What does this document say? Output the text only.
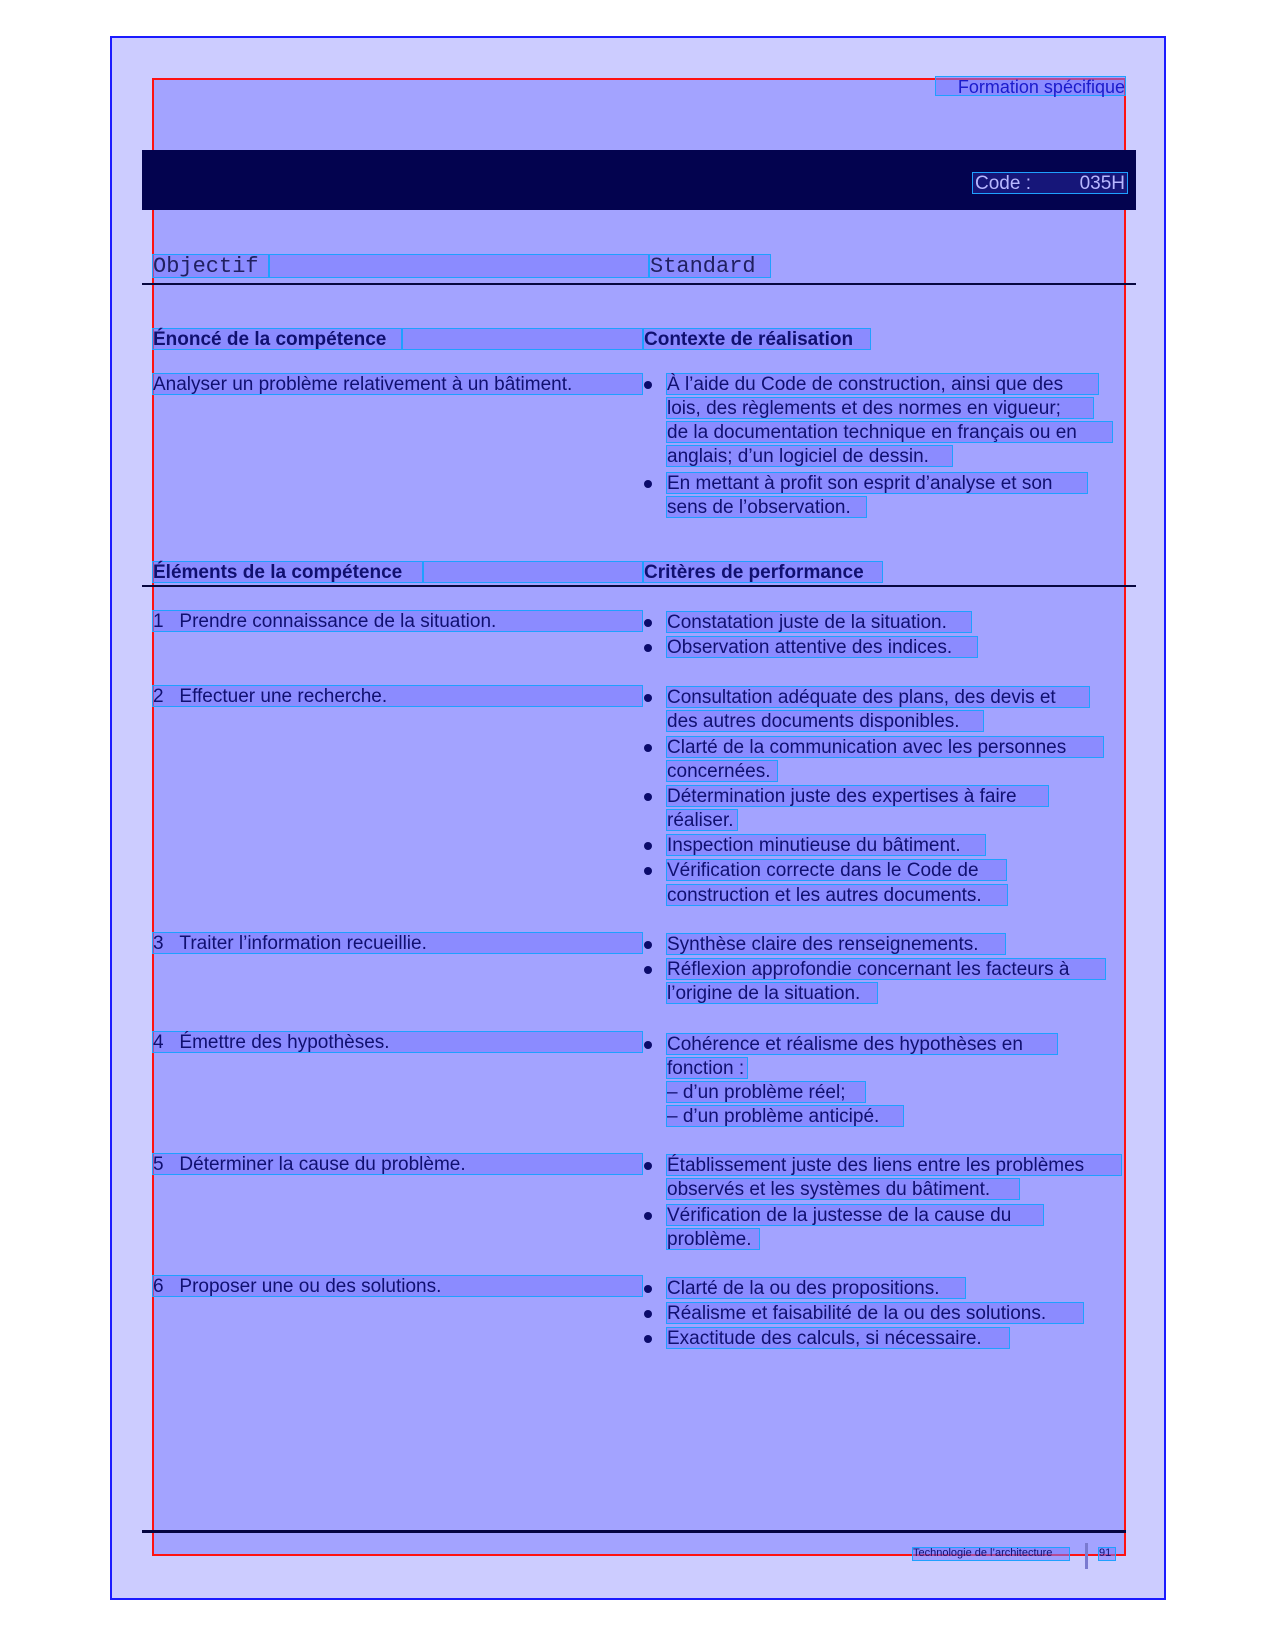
Formation spécifique
Code :	035H
Objectif	Standard
Énoncé de la compétence	Contexte de réalisation
Analyser un problème relativement à un bâtiment.	À l’aide du Code de construction, ainsi que des
lois, des règlements et des normes en vigueur;
de la documentation technique en français ou en
anglais; d’un logiciel de dessin.
En mettant à profit son esprit d’analyse et son
sens de l’observation.
Éléments de la compétence	Critères de performance
1 Prendre connaissance de la situation.	Constatation juste de la situation.
Observation attentive des indices.
2 Effectuer une recherche.	Consultation adéquate des plans, des devis et
des autres documents disponibles.
Clarté de la communication avec les personnes
concernées.
Détermination juste des expertises à faire
réaliser.
Inspection minutieuse du bâtiment.
Vérification correcte dans le Code de
construction et les autres documents.
3 Traiter l’information recueillie.	Synthèse claire des renseignements.
Réflexion approfondie concernant les facteurs à
l’origine de la situation.
4 Émettre des hypothèses.	Cohérence et réalisme des hypothèses en
fonction :
– d’un problème réel;
– d’un problème anticipé.
5 Déterminer la cause du problème.	Établissement juste des liens entre les problèmes
observés et les systèmes du bâtiment.
Vérification de la justesse de la cause du
problème.
6 Proposer une ou des solutions.	Clarté de la ou des propositions.
Réalisme et faisabilité de la ou des solutions.
Exactitude des calculs, si nécessaire.
Technologie de l’architecture	91
